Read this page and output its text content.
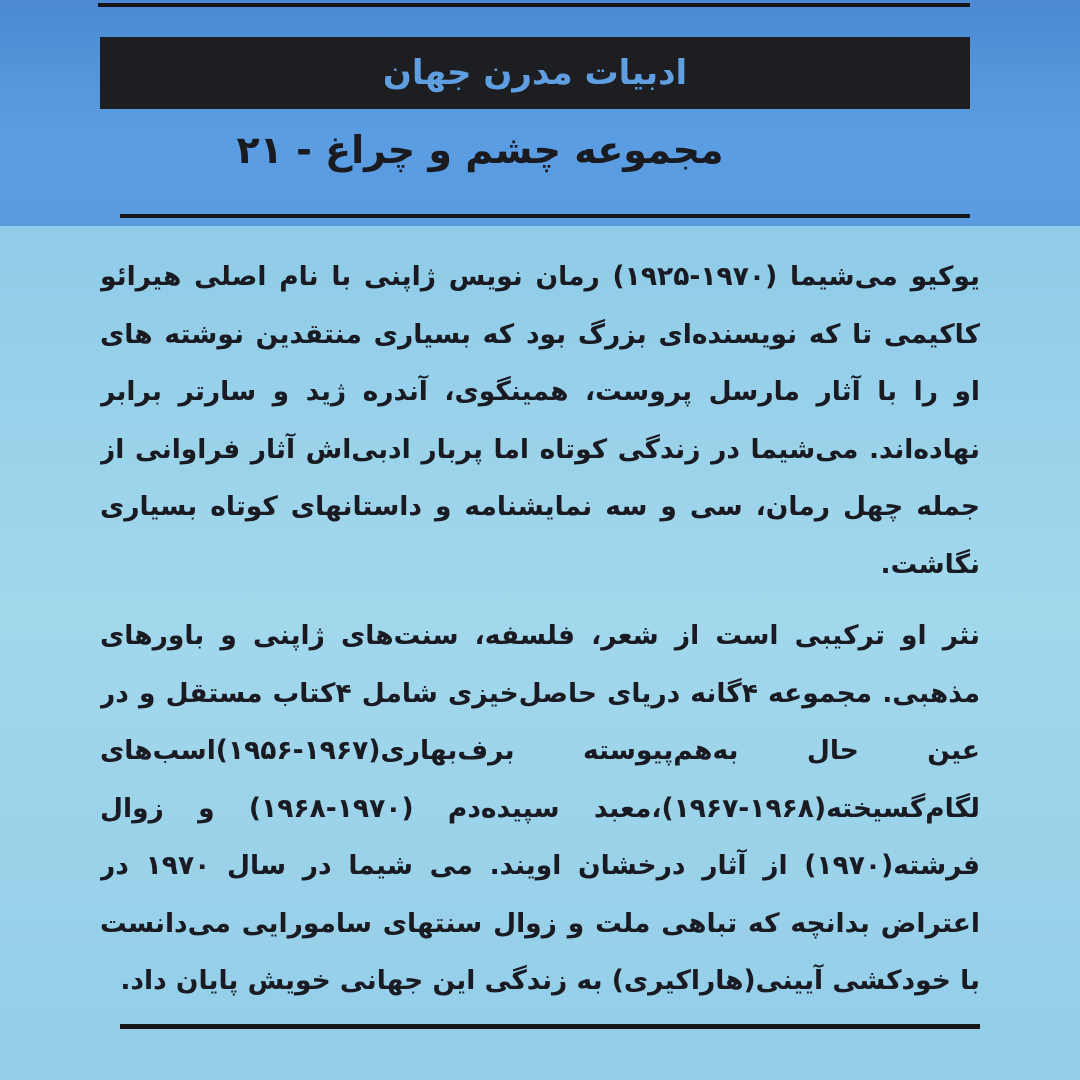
ادبیات مدرن جهان
مجموعه چشم و چراغ - ۲۱

یوکیو می‌شیما (۱۹۷۰-۱۹۲۵) رمان نویس ژاپنی با نام اصلی هیرائو کاکیمی تا که نویسنده‌ای بزرگ بود که بسیاری منتقدین نوشته های او را با آثار مارسل پروست، همینگوی، آندره ژید و سارتر برابر نهاده‌اند. می‌شیما در زندگی کوتاه اما پربار ادبی‌اش آثار فراوانی از جمله چهل رمان، سی و سه نمایشنامه و داستانهای کوتاه بسیاری نگاشت.

نثر او ترکیبی است از شعر، فلسفه، سنت‌های ژاپنی و باورهای مذهبی. مجموعه ۴گانه دریای حاصل‌خیزی شامل ۴کتاب مستقل و در عین حال به‌هم‌پیوسته برف‌بهاری(۱۹۶۷-۱۹۵۶)اسب‌های لگام‌گسیخته(۱۹۶۸-۱۹۶۷)،معبد سپیده‌دم (۱۹۷۰-۱۹۶۸) و زوال فرشته(۱۹۷۰) از آثار درخشان اویند. می شیما در سال ۱۹۷۰ در اعتراض بدانچه که تباهی ملت و زوال سنتهای سامورایی می‌دانست با خودکشی آیینی(هاراکیری) به زندگی این جهانی خویش پایان داد.
